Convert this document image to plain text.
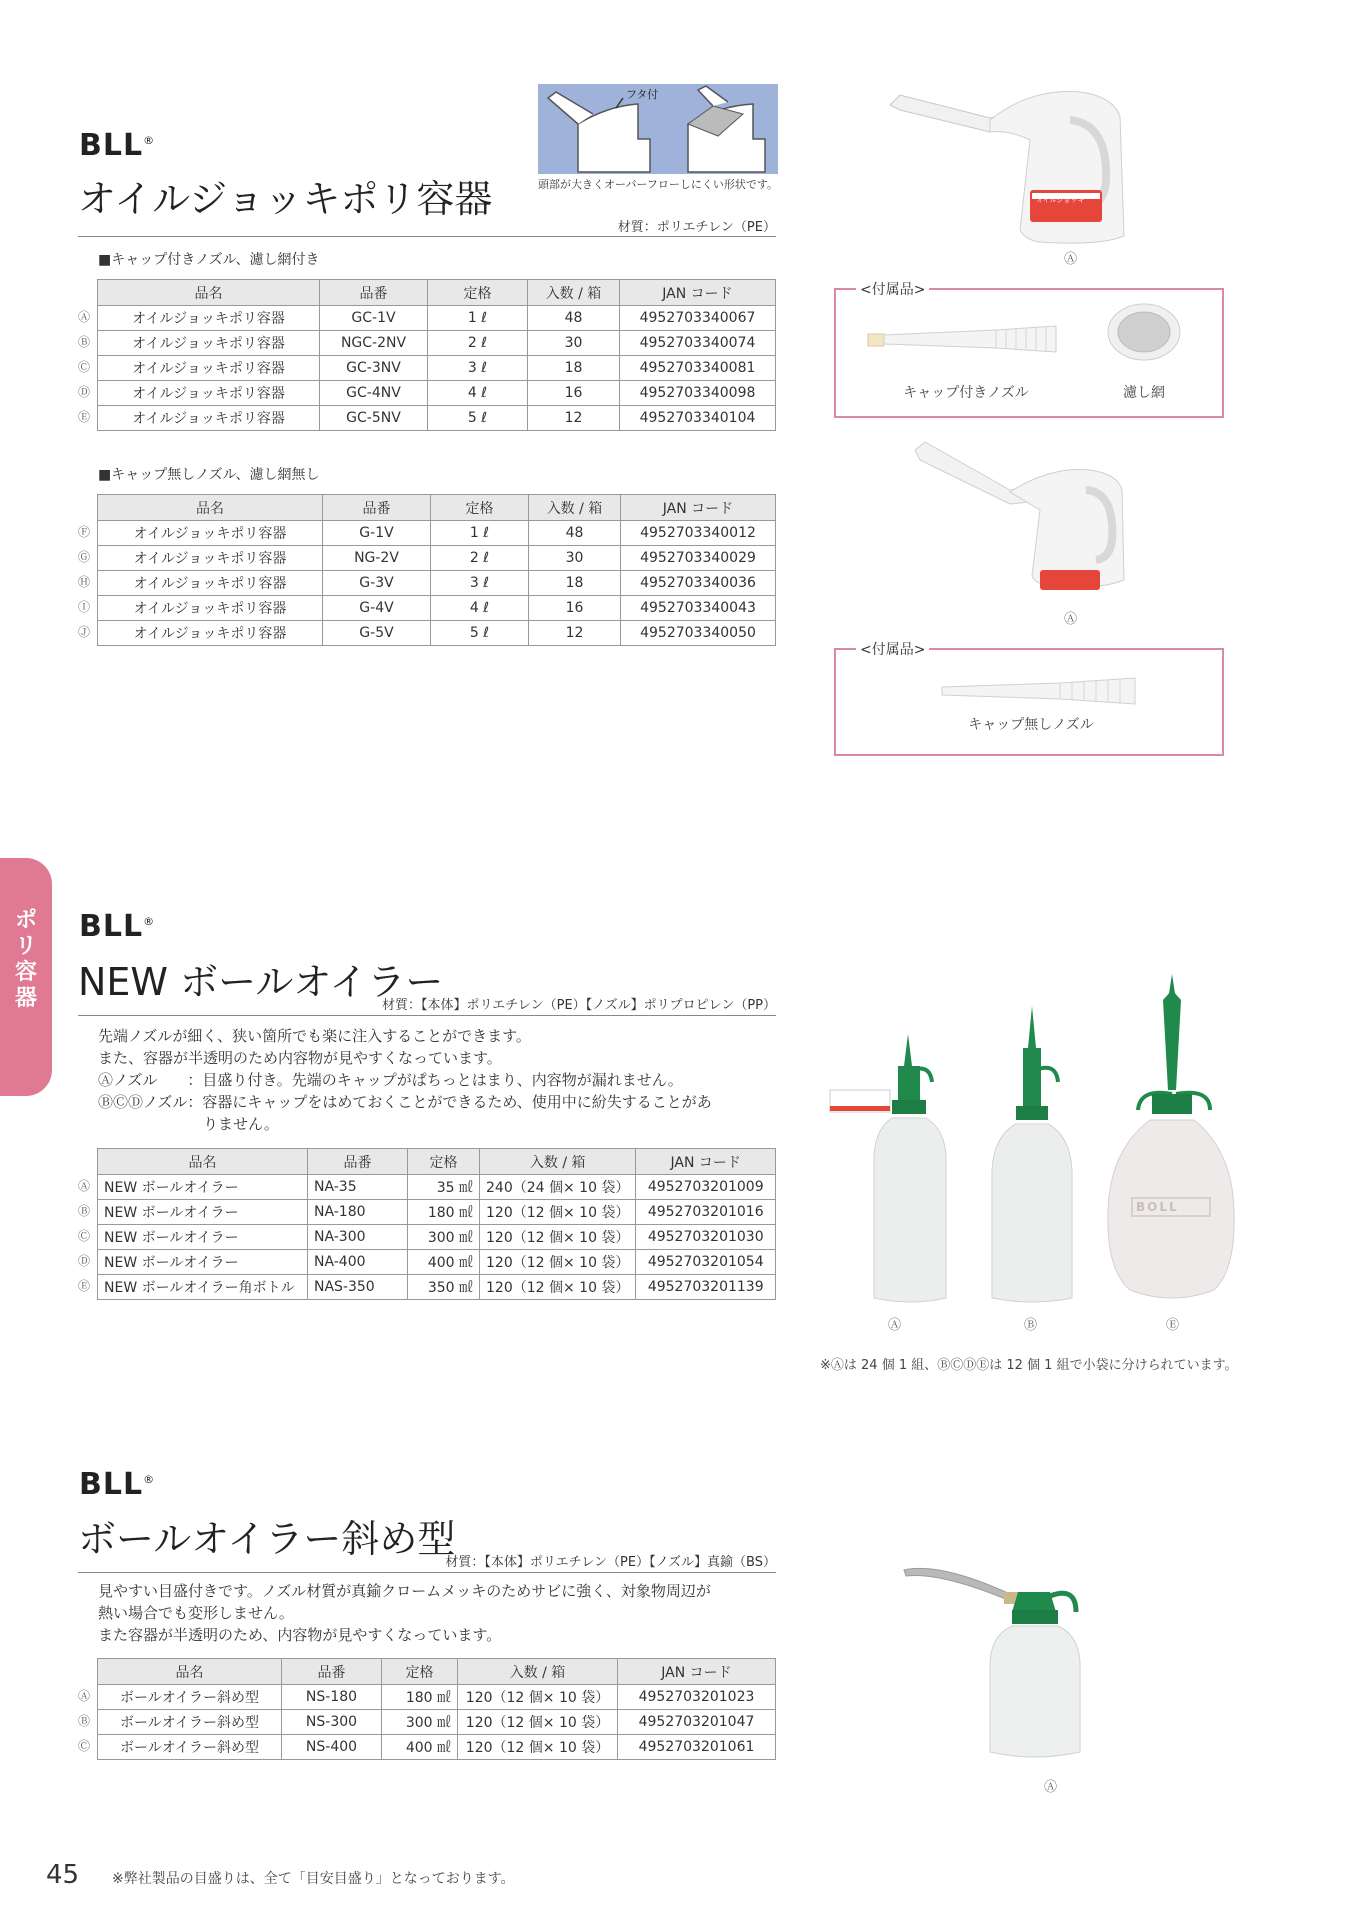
ポリ容器
BLL®
オイルジョッキポリ容器
フタ付
頭部が大きくオーバーフローしにくい形状です。
材質：ポリエチレン（PE）
■キャップ付きノズル、濾し網付き
Ⓐ
Ⓑ
Ⓒ
Ⓓ
Ⓔ
品名	品番	定格	入数 / 箱	JAN コード
オイルジョッキポリ容器	GC-1V	1 ℓ	48	4952703340067
オイルジョッキポリ容器	NGC-2NV	2 ℓ	30	4952703340074
オイルジョッキポリ容器	GC-3NV	3 ℓ	18	4952703340081
オイルジョッキポリ容器	GC-4NV	4 ℓ	16	4952703340098
オイルジョッキポリ容器	GC-5NV	5 ℓ	12	4952703340104
■キャップ無しノズル、濾し網無し
Ⓕ
Ⓖ
Ⓗ
Ⓘ
Ⓙ
品名	品番	定格	入数 / 箱	JAN コード
オイルジョッキポリ容器	G-1V	1 ℓ	48	4952703340012
オイルジョッキポリ容器	NG-2V	2 ℓ	30	4952703340029
オイルジョッキポリ容器	G-3V	3 ℓ	18	4952703340036
オイルジョッキポリ容器	G-4V	4 ℓ	16	4952703340043
オイルジョッキポリ容器	G-5V	5 ℓ	12	4952703340050
オイルジョッキ
Ⓐ
<付属品>
キャップ付きノズル	濾し網
Ⓐ
<付属品>
キャップ無しノズル
BLL®
NEW ボールオイラー
材質：【本体】ポリエチレン（PE）【ノズル】ポリプロピレン（PP）

先端ノズルが細く、狭い箇所でも楽に注入することができます。

また、容器が半透明のため内容物が見やすくなっています。

Ⓐノズル　　：目盛り付き。先端のキャップがぱちっとはまり、内容物が漏れません。

ⒷⒸⒹノズル：容器にキャップをはめておくことができるため、使用中に紛失することがあ

　　　　　　　りません。

Ⓐ
Ⓑ
Ⓒ
Ⓓ
Ⓔ
品名	品番	定格	入数 / 箱	JAN コード
NEW ボールオイラー	NA-35	35 ㎖	240（24 個× 10 袋）	4952703201009
NEW ボールオイラー	NA-180	180 ㎖	120（12 個× 10 袋）	4952703201016
NEW ボールオイラー	NA-300	300 ㎖	120（12 個× 10 袋）	4952703201030
NEW ボールオイラー	NA-400	400 ㎖	120（12 個× 10 袋）	4952703201054
NEW ボールオイラー角ボトル	NAS-350	350 ㎖	120（12 個× 10 袋）	4952703201139
BOLL
Ⓐ	Ⓑ	Ⓔ
※Ⓐは 24 個 1 組、ⒷⒸⒹⒺは 12 個 1 組で小袋に分けられています。
BLL®
ボールオイラー斜め型
材質：【本体】ポリエチレン（PE）【ノズル】真鍮（BS）

見やすい目盛付きです。ノズル材質が真鍮クロームメッキのためサビに強く、対象物周辺が

熱い場合でも変形しません。

また容器が半透明のため、内容物が見やすくなっています。

Ⓐ
Ⓑ
Ⓒ
品名	品番	定格	入数 / 箱	JAN コード
ボールオイラー斜め型	NS-180	180 ㎖	120（12 個× 10 袋）	4952703201023
ボールオイラー斜め型	NS-300	300 ㎖	120（12 個× 10 袋）	4952703201047
ボールオイラー斜め型	NS-400	400 ㎖	120（12 個× 10 袋）	4952703201061
Ⓐ
45 ※弊社製品の目盛りは、全て「目安目盛り」となっております。
